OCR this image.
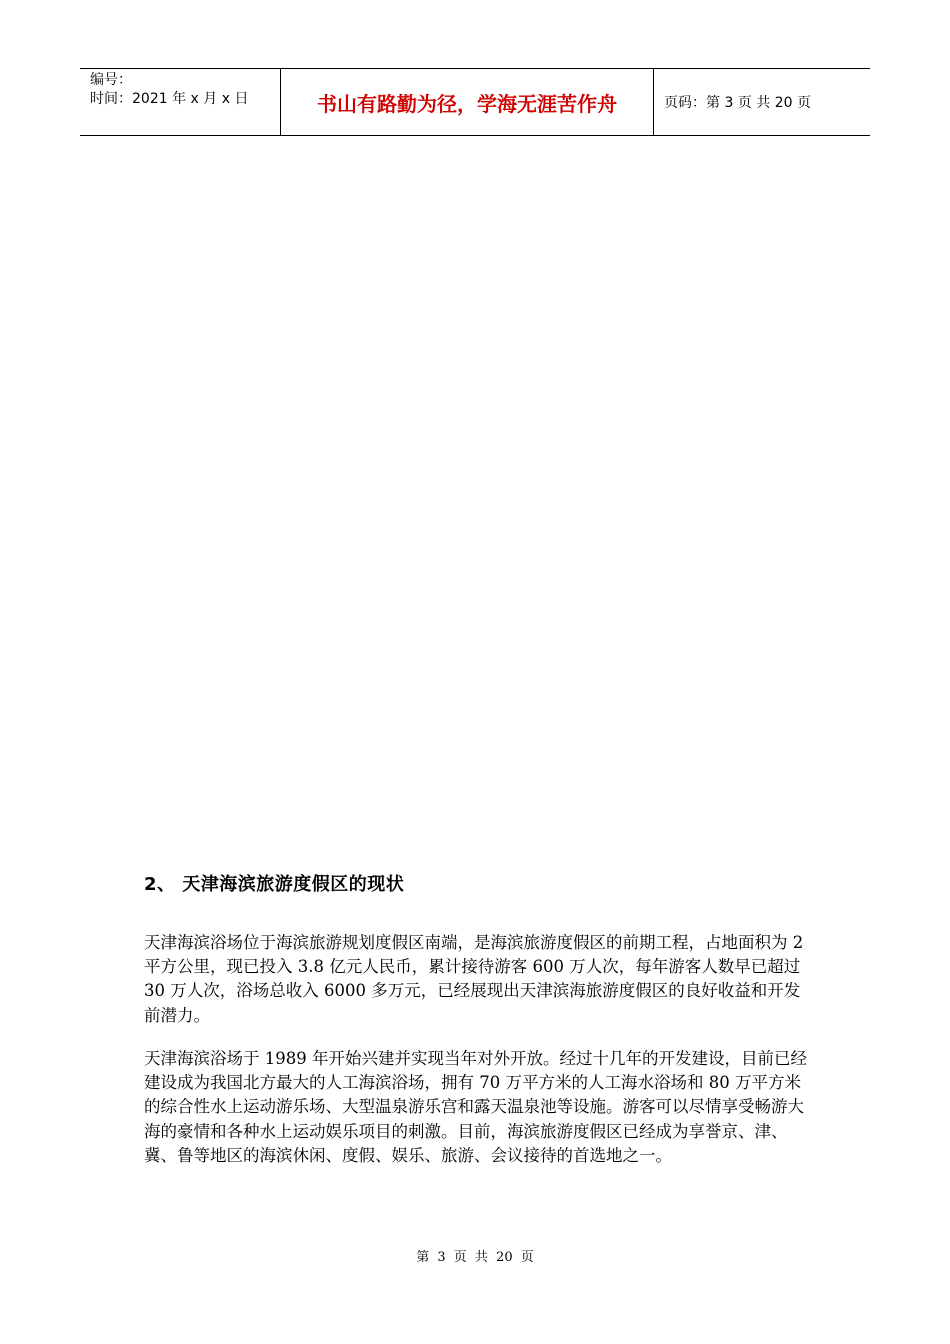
编号：
时间：2021 年 x 月 x 日	书山有路勤为径，学海无涯苦作舟	页码：第 3 页 共 20 页
2、 天津海滨旅游度假区的现状

天津海滨浴场位于海滨旅游规划度假区南端，是海滨旅游度假区的前期工程，占地面积为 2 平方公里，现已投入 3.8 亿元人民币，累计接待游客 600 万人次，每年游客人数早已超过 30 万人次，浴场总收入 6000 多万元，已经展现出天津滨海旅游度假区的良好收益和开发前潜力。

天津海滨浴场于 1989 年开始兴建并实现当年对外开放。经过十几年的开发建设，目前已经建设成为我国北方最大的人工海滨浴场，拥有 70 万平方米的人工海水浴场和 80 万平方米的综合性水上运动游乐场、大型温泉游乐宫和露天温泉池等设施。游客可以尽情享受畅游大海的豪情和各种水上运动娱乐项目的刺激。目前，海滨旅游度假区已经成为享誉京、津、冀、鲁等地区的海滨休闲、度假、娱乐、旅游、会议接待的首选地之一。

第 3 页 共 20 页
